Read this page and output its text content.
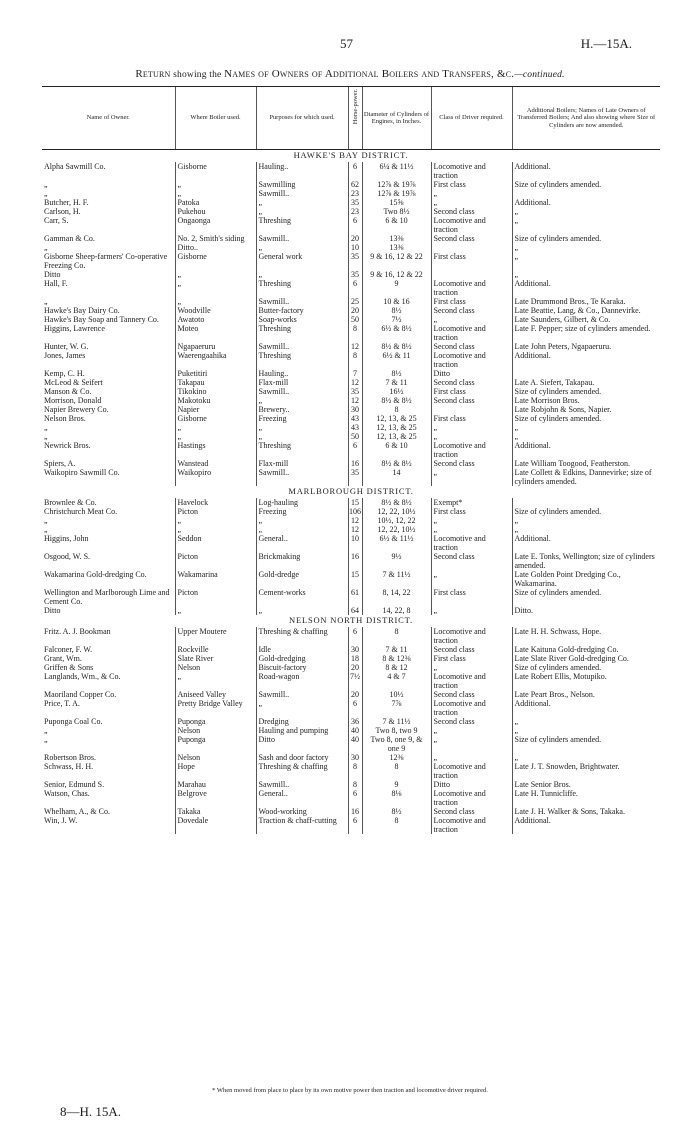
57	H.—15A.
Return showing the Names of Owners of Additional Boilers and Transfers, &c.—continued.
Name of Owner.	Where Boiler used.	Purposes for which used.	Horse-power.	Diameter of Cylinders of Engines, in Inches.	Class of Driver required.	Additional Boilers; Names of Late Owners of Transferred Boilers; And also showing where Size of Cylinders are now amended.
HAWKE'S BAY DISTRICT.						
Alpha Sawmill Co.	Gisborne	Hauling..	6	6¼ & 11½	Locomotive and traction	Additional.
„	„	Sawmilling	62	12⅞ & 19⅞	First class	Size of cylinders amended.
„	„	Sawmill..	23	12⅞ & 19⅞	„	
Butcher, H. F.	Patoka	„	35	15⅝	„	Additional.
Carlson, H.	Pukehou	„	23	Two 8½	Second class	„
Carr, S.	Ongaonga	Threshing	6	6 & 10	Locomotive and traction	„
Gamman & Co.	No. 2, Smith's siding	Sawmill..	20	13⅜	Second class	Size of cylinders amended.
„	Ditto..	„	10	13⅜		„
Gisborne Sheep-farmers' Co-operative Freezing Co.	Gisborne	General work	35	9 & 16, 12 & 22	First class	„
Ditto	„	„	35	9 & 16, 12 & 22		„
Hall, F.	„	Threshing	6	9	Locomotive and traction	Additional.
„	„	Sawmill..	25	10 & 16	First class	Late Drummond Bros., Te Karaka.
Hawke's Bay Dairy Co.	Woodville	Butter-factory	20	8½	Second class	Late Beattie, Lang, & Co., Dannevirke.
Hawke's Bay Soap and Tannery Co.	Awatoto	Soap-works	50	7½	„	Late Saunders, Gilbert, & Co.
Higgins, Lawrence	Moteo	Threshing	8	6½ & 8½	Locomotive and traction	Late F. Pepper; size of cylinders amended.
Hunter, W. G.	Ngapaeruru	Sawmill..	12	8½ & 8½	Second class	Late John Peters, Ngapaeruru.
Jones, James	Waerengaahika	Threshing	8	6½ & 11	Locomotive and traction	Additional.
Kemp, C. H.	Puketitiri	Hauling..	7	8½	Ditto	
McLeod & Seifert	Takapau	Flax-mill	12	7 & 11	Second class	Late A. Siefert, Takapau.
Manson & Co.	Tikokino	Sawmill..	35	16½	First class	Size of cylinders amended.
Morrison, Donald	Makotoku	„	12	8½ & 8½	Second class	Late Morrison Bros.
Napier Brewery Co.	Napier	Brewery..	30	8		Late Robjohn & Sons, Napier.
Nelson Bros.	Gisborne	Freezing	43	12, 13, & 25	First class	Size of cylinders amended.
„	„	„	43	12, 13, & 25	„	„
„	„	„	50	12, 13, & 25	„	„
Newrick Bros.	Hastings	Threshing	6	6 & 10	Locomotive and traction	Additional.
Spiers, A.	Wanstead	Flax-mill	16	8½ & 8½	Second class	Late William Toogood, Featherston.
Waikopiro Sawmill Co.	Waikopiro	Sawmill..	35	14	„	Late Collett & Edkins, Dannevirke; size of cylinders amended.
MARLBOROUGH DISTRICT.						
Brownlee & Co.	Havelock	Log-hauling	15	8½ & 8½	Exempt*	
Christchurch Meat Co.	Picton	Freezing	106	12, 22, 10½	First class	Size of cylinders amended.
„	„	„	12	10½, 12, 22	„	„
„	„	„	12	12, 22, 10½	„	„
Higgins, John	Seddon	General..	10	6½ & 11½	Locomotive and traction	Additional.
Osgood, W. S.	Picton	Brickmaking	16	9½	Second class	Late E. Tonks, Wellington; size of cylinders amended.
Wakamarina Gold-dredging Co.	Wakamarina	Gold-dredge	15	7 & 11½	„	Late Golden Point Dredging Co., Wakamarina.
Wellington and Marlborough Lime and Cement Co.	Picton	Cement-works	61	8, 14, 22	First class	Size of cylinders amended.
Ditto	„	„	64	14, 22, 8	„	Ditto.
NELSON NORTH DISTRICT.						
Fritz. A. J. Bookman	Upper Moutere	Threshing & chaffing	6	8	Locomotive and traction	Late H. H. Schwass, Hope.
Falconer, F. W.	Rockville	Idle	30	7 & 11	Second class	Late Kaituna Gold-dredging Co.
Grant, Wm.	Slate River	Gold-dredging	18	8 & 12⅜	First class	Late Slate River Gold-dredging Co.
Griffen & Sons	Nelson	Biscuit-factory	20	8 & 12	„	Size of cylinders amended.
Langlands, Wm., & Co.	„	Road-wagon	7½	4 & 7	Locomotive and traction	Late Robert Ellis, Motupiko.
Maoriland Copper Co.	Aniseed Valley	Sawmill..	20	10½	Second class	Late Peart Bros., Nelson.
Price, T. A.	Pretty Bridge Valley	„	6	7⅞	Locomotive and traction	Additional.
Puponga Coal Co.	Puponga	Dredging	36	7 & 11½	Second class	„
„	Nelson	Hauling and pumping	40	Two 8, two 9	„	„
„	Puponga	Ditto	40	Two 8, one 9, & one 9	„	Size of cylinders amended.
Robertson Bros.	Nelson	Sash and door factory	30	12⅜	„	„
Schwass, H. H.	Hope	Threshing & chaffing	8	8	Locomotive and traction	Late J. T. Snowden, Brightwater.
Senior, Edmund S.	Marahau	Sawmill..	8	9	Ditto	Late Senior Bros.
Watson, Chas.	Belgrove	General..	6	8⅛	Locomotive and traction	Late H. Tunnicliffe.
Whelham, A., & Co.	Takaka	Wood-working	16	8½	Second class	Late J. H. Walker & Sons, Takaka.
Win, J. W.	Dovedale	Traction & chaff-cutting	6	8	Locomotive and traction	Additional.
* When moved from place to place by its own motive power then traction and locomotive driver required.
8—H. 15A.
